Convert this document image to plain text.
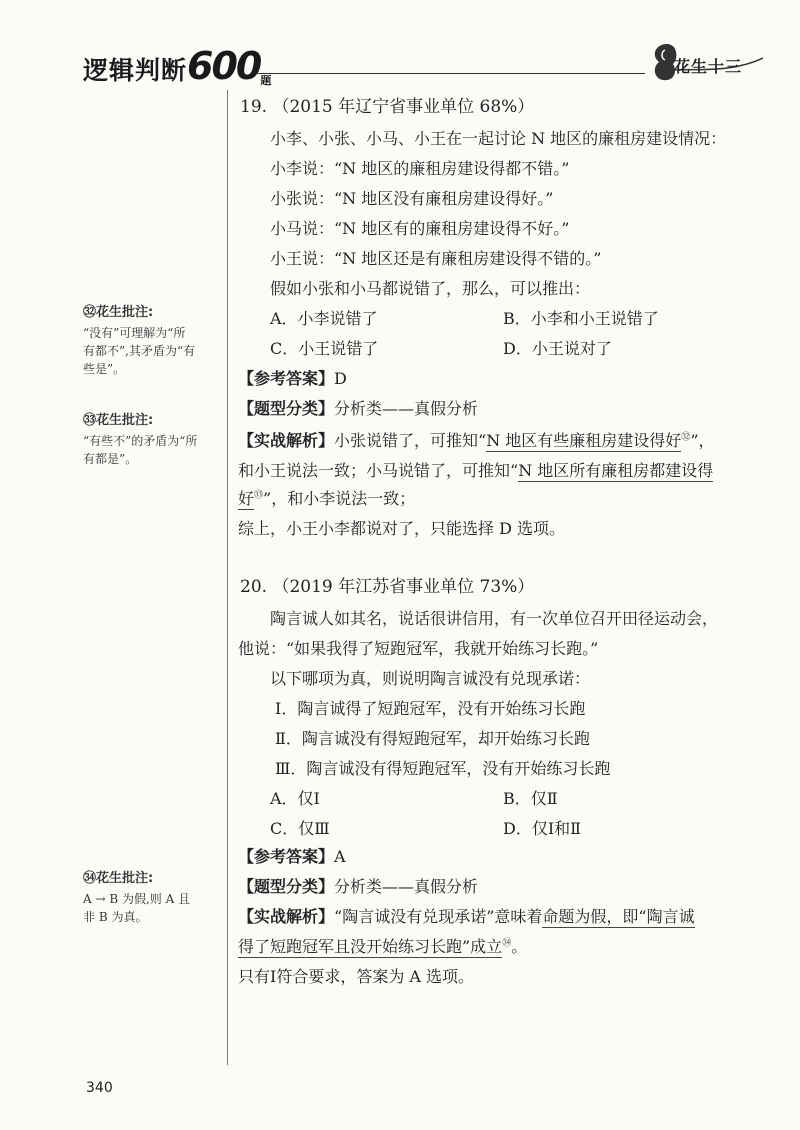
逻辑判断600题
花生十三
㉜花生批注:
“没有”可理解为“所
有都不”,其矛盾为“有
些是”。
㉝花生批注:
“有些不”的矛盾为“所
有都是”。
㉞花生批注:
A → B 为假,则 A 且
非 B 为真。
19. （2015 年辽宁省事业单位 68%）
小李、小张、小马、小王在一起讨论 N 地区的廉租房建设情况：
小李说：“N 地区的廉租房建设得都不错。”
小张说：“N 地区没有廉租房建设得好。”
小马说：“N 地区有的廉租房建设得不好。”
小王说：“N 地区还是有廉租房建设得不错的。”
假如小张和小马都说错了，那么，可以推出：
A．小李说错了	B．小李和小王说错了
C．小王说错了	D．小王说对了
【参考答案】D
【题型分类】分析类——真假分析
【实战解析】小张说错了，可推知“N 地区有些廉租房建设得好$^㉜$”，
和小王说法一致；小马说错了，可推知“N 地区所有廉租房都建设得
好$^㉝$”，和小李说法一致；
综上，小王小李都说对了，只能选择 D 选项。
20. （2019 年江苏省事业单位 73%）
陶言诚人如其名，说话很讲信用，有一次单位召开田径运动会，
他说：“如果我得了短跑冠军，我就开始练习长跑。”
以下哪项为真，则说明陶言诚没有兑现承诺：
Ⅰ．陶言诚得了短跑冠军，没有开始练习长跑
Ⅱ．陶言诚没有得短跑冠军，却开始练习长跑
Ⅲ．陶言诚没有得短跑冠军，没有开始练习长跑
A．仅Ⅰ	B．仅Ⅱ
C．仅Ⅲ	D．仅Ⅰ和Ⅱ
【参考答案】A
【题型分类】分析类——真假分析
【实战解析】“陶言诚没有兑现承诺”意味着命题为假，即“陶言诚
得了短跑冠军且没开始练习长跑”成立$^㉞$。
只有Ⅰ符合要求，答案为 A 选项。
340
